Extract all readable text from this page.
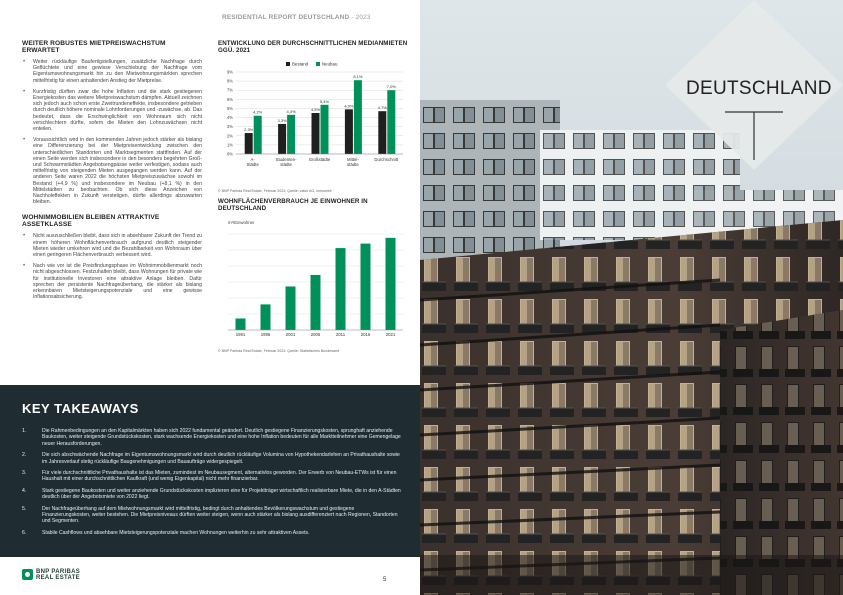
RESIDENTIAL REPORT DEUTSCHLAND - 2023
WEITER ROBUSTES MIETPREISWACHSTUM ERWARTET
• Weiter rückläufige Baufertigstellungen, zusätzliche Nachfrage durch Geflüchtete und eine gewisse Verschiebung der Nachfrage vom Eigentumswohnungsmarkt hin zu den Mietwohnungsmärkten sprechen mittelfristig für einen anhaltenden Anstieg der Mietpreise.
• Kurzfristig dürften zwar die hohe Inflation und die stark gestiegenen Energiekosten das weitere Mietpreiswachstum dämpfen. Aktuell zeichnen sich jedoch auch schon erste Zweitrundeneffekte, insbesondere getrieben durch deutlich höhere nominale Lohnforderungen und -zuwächse, ab. Das bedeutet, dass die Erschwinglichkeit von Wohnraum sich nicht verschlechtern dürfte, sofern die Mieten den Lohnzuwächsen nicht enteilen.
• Voraussichtlich wird in den kommenden Jahren jedoch stärker als bislang eine Differenzierung bei der Mietpreisentwicklung zwischen den unterschiedlichen Standorten und Marktsegmenten stattfinden. Auf der einen Seite werden sich insbesondere in den besonders begehrten Groß- und Schwarmstädten Angebotsengpässe weiter verfestigen, sodass auch mittelfristig von steigenden Mieten ausgegangen werden kann. Auf der anderen Seite waren 2022 die höchsten Mietpreiszuwächse sowohl im Bestand (+4,9 %) und insbesondere im Neubau (+8,1 %) in den Mittelstädten zu beobachten. Ob sich diese Anzeichen von Nachholeffekten in Zukunft verstetigen, dürfte allerdings abzuwarten bleiben.
WOHNIMMOBILIEN BLEIBEN ATTRAKTIVE ASSETKLASSE
• Nicht auszuschließen bleibt, dass sich in absehbarer Zukunft der Trend zu einem höheren Wohnflächenverbrauch aufgrund deutlich steigender Mieten wieder umkehren wird und die Bezahlbarkeit von Wohnraum über einen geringeren Flächenverbrauch verbessert wird.
• Nach wie vor ist die Preisfindungsphase im Wohnimmobilienmarkt noch nicht abgeschlossen. Festzuhalten bleibt, dass Wohnungen für private wie für institutionelle Investoren eine attraktive Anlage bleiben. Dafür sprechen der persistente Nachfrageüberhang, die stärker als bislang erkennbaren Mietsteigerungspotenziale und eine gewisse Inflationsabsicherung.
ENTWICKLUNG DER DURCHSCHNITTLICHEN MEDIANMIETEN GGÜ. 2021
0%
1%
2%
3%
4%
5%
6%
7%
8%
9%
Bestand	Neubau
2,3%
4,2%
A-
Städte
3,3%
4,3%
Studenten-
städte
4,5%
5,4%
Großstädte
4,9%
8,1%
Mittel-
städte
4,7%
7,0%
Durchschnitt
© BNP Paribas Real Estate, Februar 2023; Quelle: value AG, immowelt
WOHNFLÄCHENVERBRAUCH JE EINWOHNER IN DEUTSCHLAND
m²/Einwohner
1991	1996	2001	2006	2011	2016	2021
© BNP Paribas Real Estate, Februar 2023; Quelle: Statistisches Bundesamt
KEY TAKEAWAYS
1.	Die Rahmenbedingungen an den Kapitalmärkten haben sich 2022 fundamental geändert. Deutlich gestiegene Finanzierungskosten, sprunghaft anziehende Baukosten, weiter steigende Grundstückskosten, stark wachsende Energiekosten und eine hohe Inflation bedeuten für alle Marktteilnehmer eine Gemengelage neuer Herausforderungen.
2.	Die sich abschwächende Nachfrage im Eigentumswohnungsmarkt wird durch deutlich rückläufige Volumina von Hypothekendarlehen an Privathaushalte sowie im Jahresverlauf stetig rückläufige Baugenehmigungen und Bauaufträge widergespiegelt.
3.	Für viele durchschnittliche Privathaushalte ist das Mieten, zumindest im Neubausegment, alternativlos geworden. Der Erwerb von Neubau-ETWs ist für einen Haushalt mit einer durchschnittlichen Kaufkraft (und wenig Eigenkapital) nicht mehr finanzierbar.
4.	Stark gestiegene Baukosten und weiter anziehende Grundstückskosten implizieren eine für Projektträger wirtschaftlich realisierbare Miete, die in den A-Städten deutlich über der Angebotsmiete von 2022 liegt.
5.	Der Nachfrageüberhang auf dem Mietwohnungsmarkt wird mittelfristig, bedingt durch anhaltendes Bevölkerungswachstum und gestiegene Finanzierungskosten, weiter bestehen. Die Mietpreisniveaus dürften weiter steigen, wenn auch stärker als bislang ausdifferenziert nach Regionen, Standorten und Segmenten.
6.	Stabile Cashflows und absehbare Mietsteigerungspotenziale machen Wohnungen weiterhin zu sehr attraktiven Assets.
BNP PARIBAS
REAL ESTATE	5
DEUTSCHLAND
